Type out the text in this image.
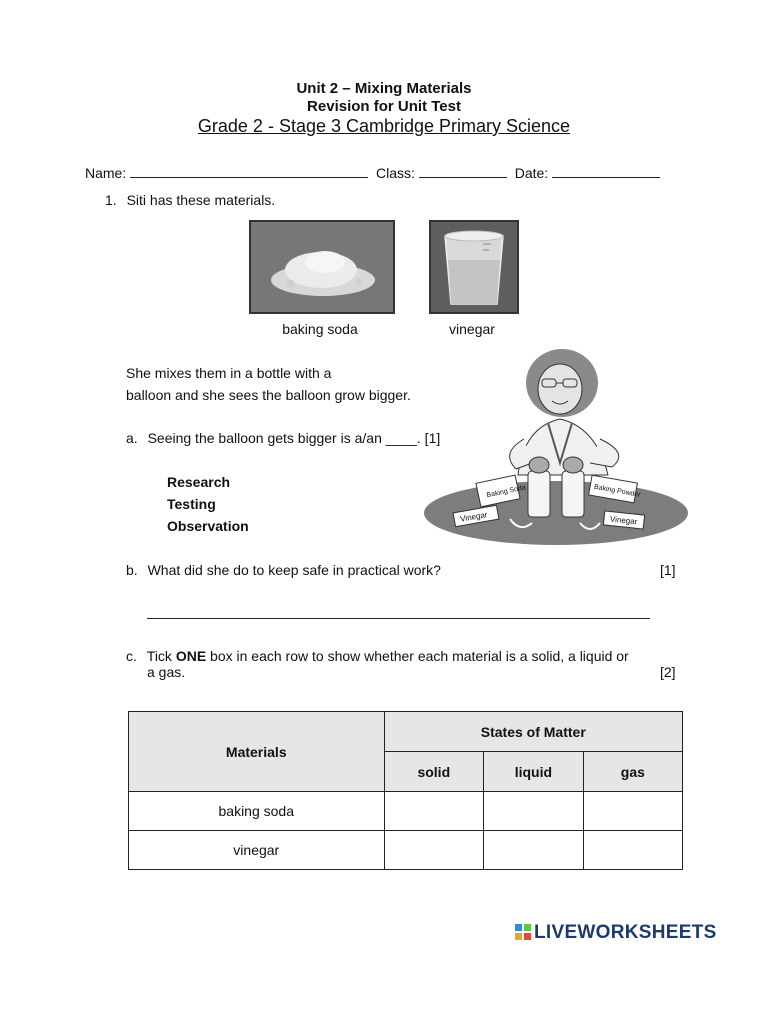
Unit 2 – Mixing Materials
Revision for Unit Test
Grade 2 - Stage 3 Cambridge Primary Science
Name:	Class:	Date:
1. Siti has these materials.
baking soda	vinegar
She mixes them in a bottle with a
balloon and she sees the balloon grow bigger.
Baking Soda	Baking Powder
Vinegar	Vinegar
a. Seeing the balloon gets bigger is a/an ____. [1]
Research
Testing
Observation
b. What did she do to keep safe in practical work?	[1]
c. Tick ONE box in each row to show whether each material is a solid, a liquid or
a gas.	[2]
Materials	States of Matter		
	solid	liquid	gas
baking soda			
vinegar			
LIVEWORKSHEETS
